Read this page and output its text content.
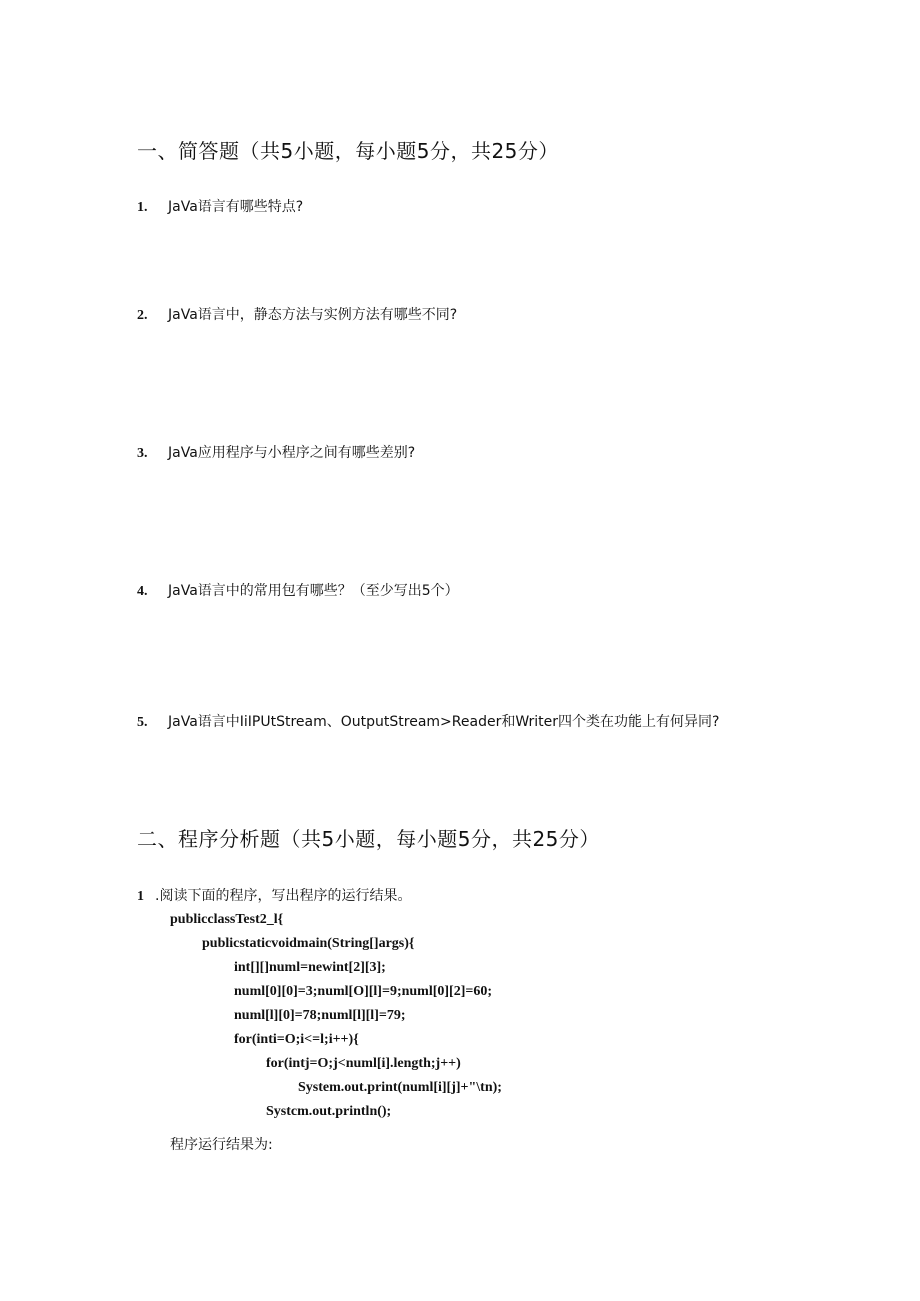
一、简答题（共5小题，每小题5分，共25分）
1. JaVa语言有哪些特点?
2. JaVa语言中，静态方法与实例方法有哪些不同?
3. JaVa应用程序与小程序之间有哪些差别?
4. JaVa语言中的常用包有哪些？（至少写出5个）
5. JaVa语言中IiIPUtStream、OutputStream>Reader和Writer四个类在功能上有何异同?
二、程序分析题（共5小题，每小题5分，共25分）
1 .阅读下面的程序，写出程序的运行结果。
publicclassTest2_l{
publicstaticvoidmain(String[]args){
int[][]numl=newint[2][3];
numl[0][0]=3;numl[O][l]=9;numl[0][2]=60;
numl[l][0]=78;numl[l][l]=79;
for(inti=O;i<=l;i++){
for(intj=O;j<numl[i].length;j++)
System.out.print(numl[i][j]+"\tn);
Systcm.out.println();
程序运行结果为:
